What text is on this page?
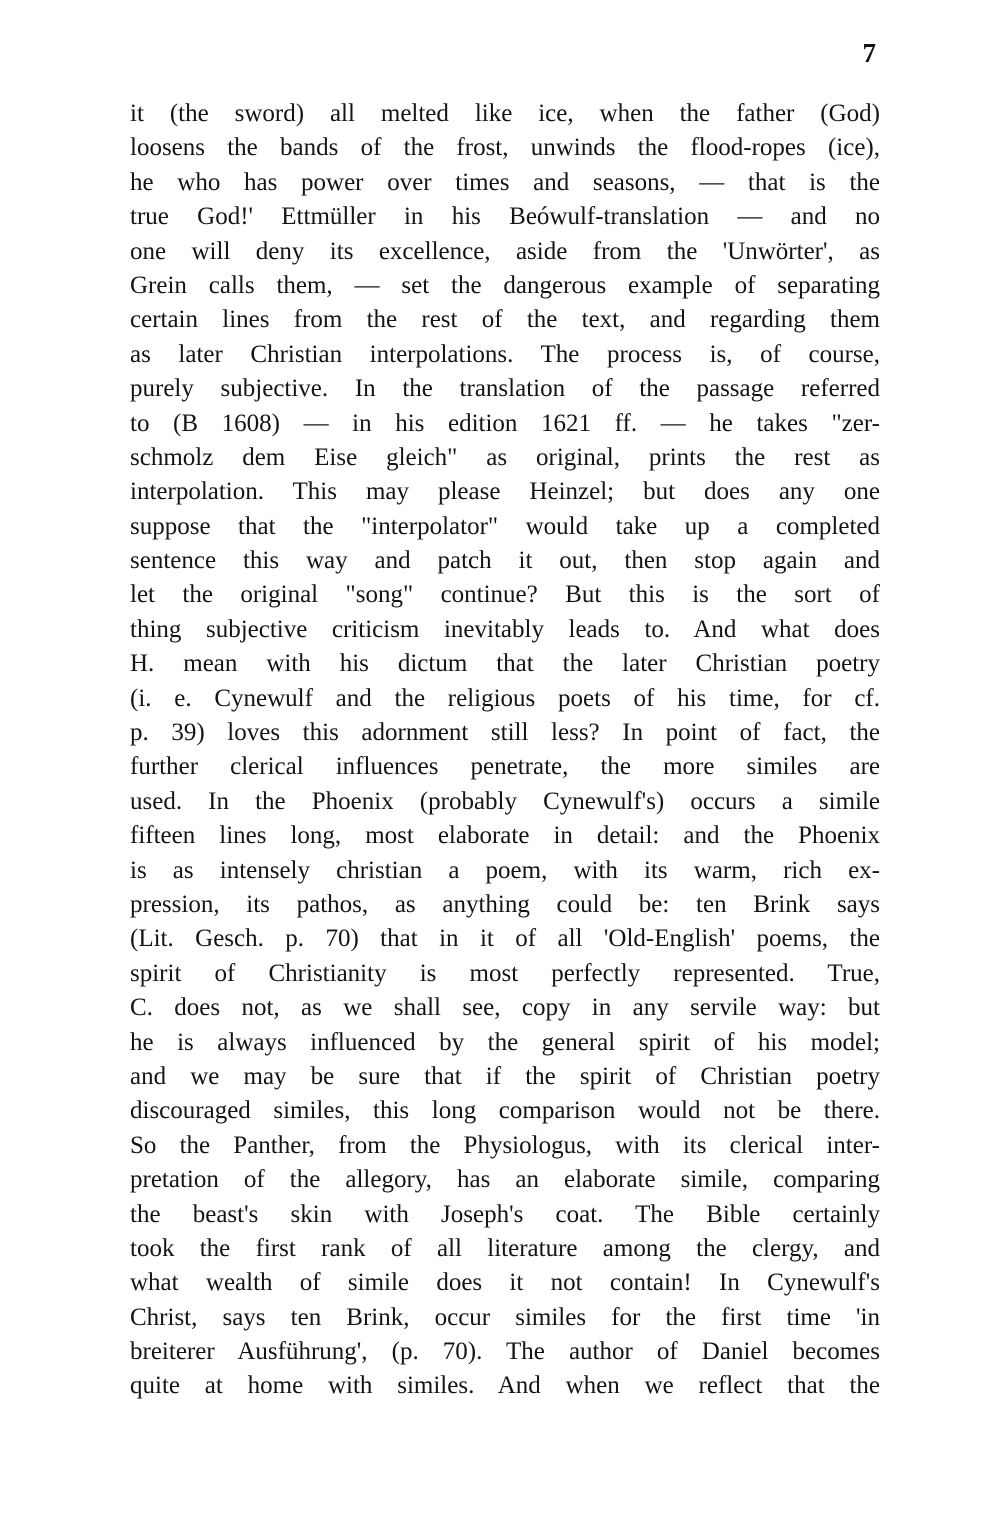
7
it (the sword) all melted like ice, when the father (God)
loosens the bands of the frost, unwinds the flood-ropes (ice),
he who has power over times and seasons, — that is the
true God!' Ettmüller in his Beówulf-translation — and no
one will deny its excellence, aside from the 'Unwörter', as
Grein calls them, — set the dangerous example of separating
certain lines from the rest of the text, and regarding them
as later Christian interpolations. The process is, of course,
purely subjective. In the translation of the passage referred
to (B 1608) — in his edition 1621 ff. — he takes "zer-
schmolz dem Eise gleich" as original, prints the rest as
interpolation. This may please Heinzel; but does any one
suppose that the "interpolator" would take up a completed
sentence this way and patch it out, then stop again and
let the original "song" continue? But this is the sort of
thing subjective criticism inevitably leads to. And what does
H. mean with his dictum that the later Christian poetry
(i. e. Cynewulf and the religious poets of his time, for cf.
p. 39) loves this adornment still less? In point of fact, the
further clerical influences penetrate, the more similes are
used. In the Phoenix (probably Cynewulf's) occurs a simile
fifteen lines long, most elaborate in detail: and the Phoenix
is as intensely christian a poem, with its warm, rich ex-
pression, its pathos, as anything could be: ten Brink says
(Lit. Gesch. p. 70) that in it of all 'Old-English' poems, the
spirit of Christianity is most perfectly represented. True,
C. does not, as we shall see, copy in any servile way: but
he is always influenced by the general spirit of his model;
and we may be sure that if the spirit of Christian poetry
discouraged similes, this long comparison would not be there.
So the Panther, from the Physiologus, with its clerical inter-
pretation of the allegory, has an elaborate simile, comparing
the beast's skin with Joseph's coat. The Bible certainly
took the first rank of all literature among the clergy, and
what wealth of simile does it not contain! In Cynewulf's
Christ, says ten Brink, occur similes for the first time 'in
breiterer Ausführung', (p. 70). The author of Daniel becomes
quite at home with similes. And when we reflect that the
